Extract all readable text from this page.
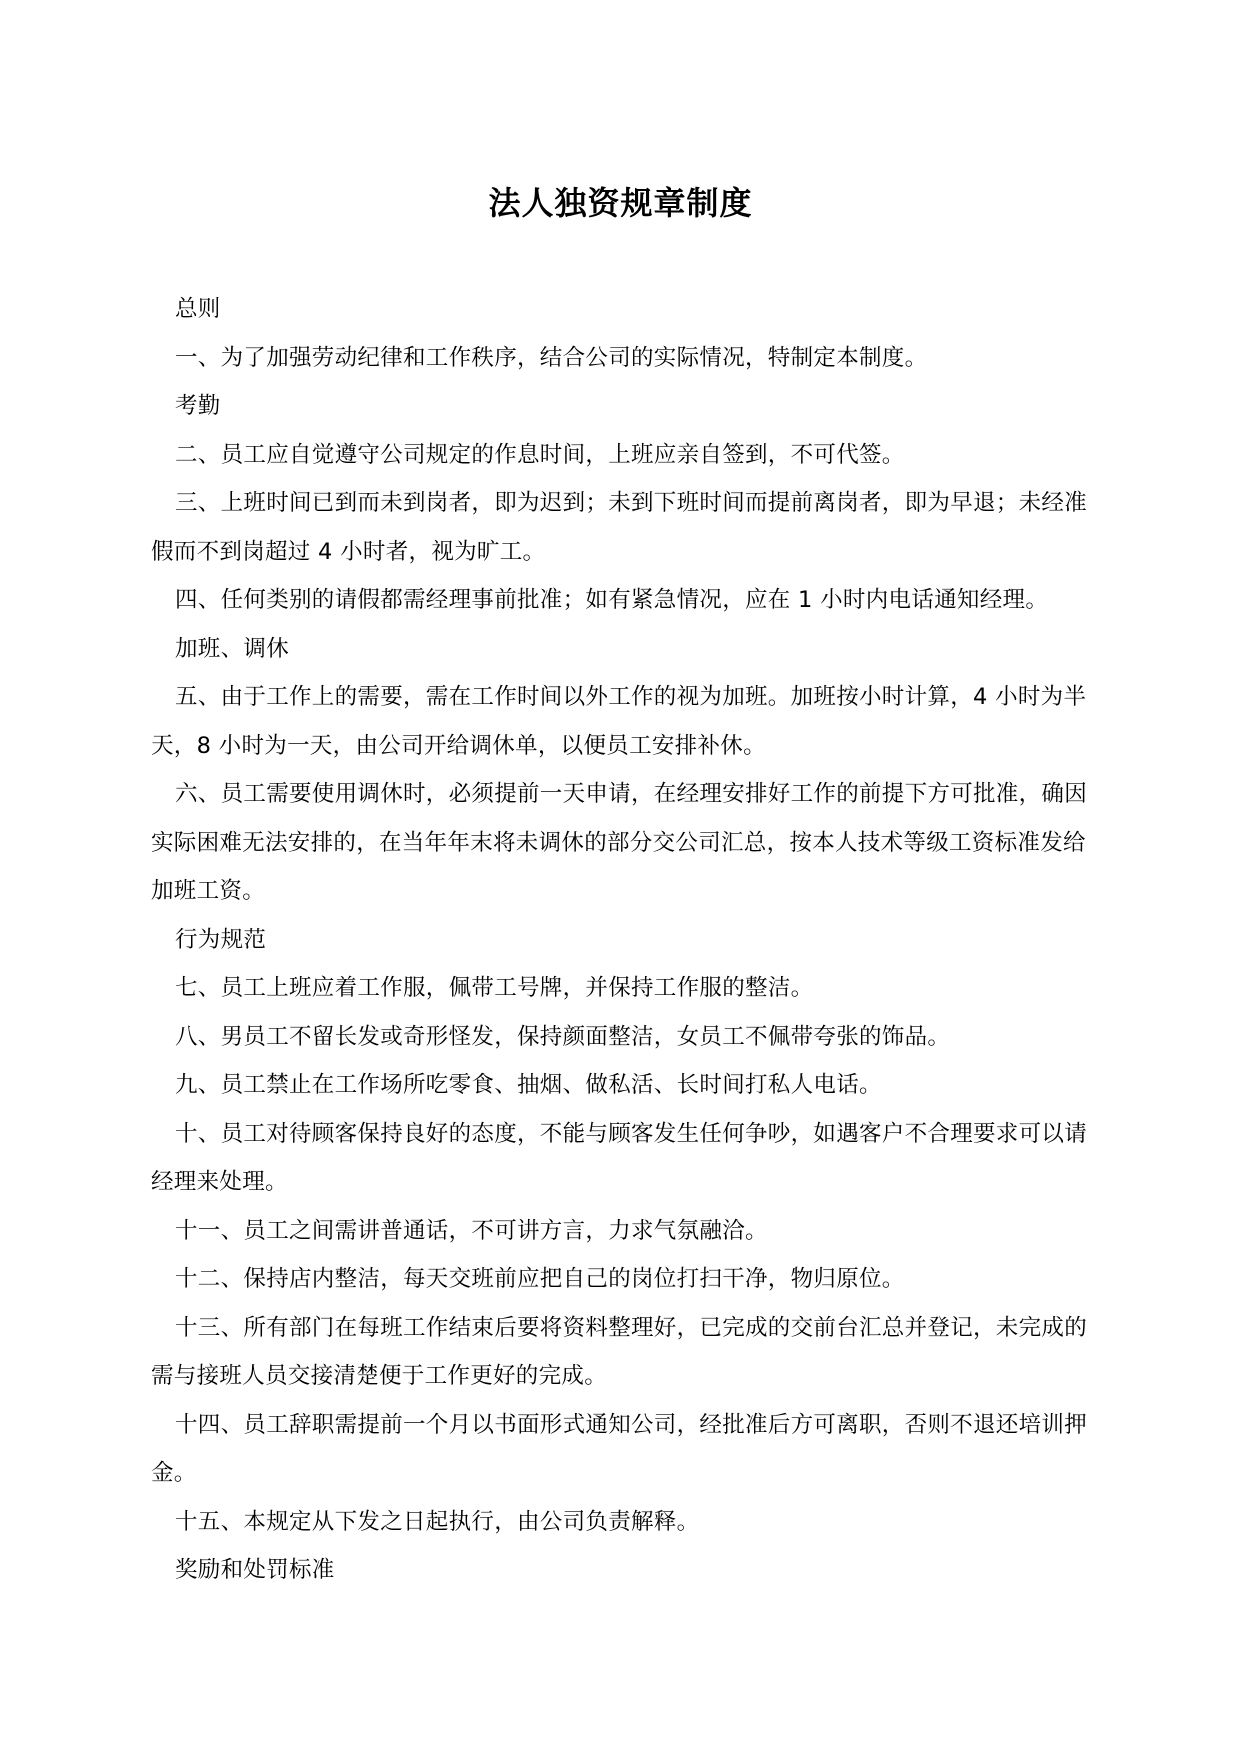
法人独资规章制度

总则

一、为了加强劳动纪律和工作秩序，结合公司的实际情况，特制定本制度。

考勤

二、员工应自觉遵守公司规定的作息时间，上班应亲自签到，不可代签。

三、上班时间已到而未到岗者，即为迟到；未到下班时间而提前离岗者，即为早退；未经准假而不到岗超过 4 小时者，视为旷工。

四、任何类别的请假都需经理事前批准；如有紧急情况，应在 1 小时内电话通知经理。

加班、调休

五、由于工作上的需要，需在工作时间以外工作的视为加班。加班按小时计算，4 小时为半天，8 小时为一天，由公司开给调休单，以便员工安排补休。

六、员工需要使用调休时，必须提前一天申请，在经理安排好工作的前提下方可批准，确因实际困难无法安排的，在当年年末将未调休的部分交公司汇总，按本人技术等级工资标准发给加班工资。

行为规范

七、员工上班应着工作服，佩带工号牌，并保持工作服的整洁。

八、男员工不留长发或奇形怪发，保持颜面整洁，女员工不佩带夸张的饰品。

九、员工禁止在工作场所吃零食、抽烟、做私活、长时间打私人电话。

十、员工对待顾客保持良好的态度，不能与顾客发生任何争吵，如遇客户不合理要求可以请经理来处理。

十一、员工之间需讲普通话，不可讲方言，力求气氛融洽。

十二、保持店内整洁，每天交班前应把自己的岗位打扫干净，物归原位。

十三、所有部门在每班工作结束后要将资料整理好，已完成的交前台汇总并登记，未完成的需与接班人员交接清楚便于工作更好的完成。

十四、员工辞职需提前一个月以书面形式通知公司，经批准后方可离职，否则不退还培训押金。

十五、本规定从下发之日起执行，由公司负责解释。

奖励和处罚标准
